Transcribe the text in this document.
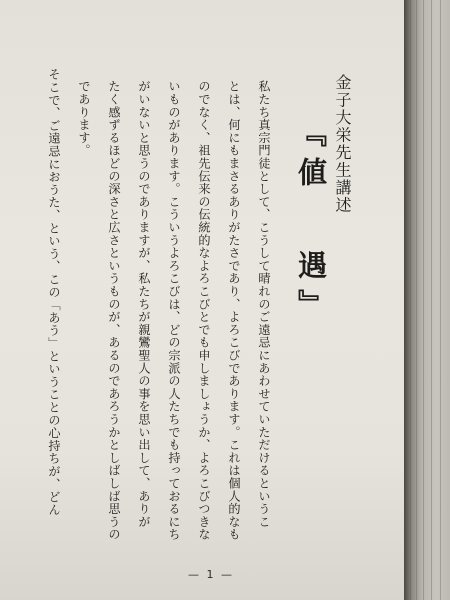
金子大栄先生講述
『値
遇』
私たち真宗門徒として、こうして晴れのご遠忌にあわせていただけるというこ
とは、何にもまさるありがたさであり、よろこびであります。これは個人的なも
のでなく、祖先伝来の伝統的なよろこびとでも申しましょうか、よろこびつきな
いものがあります。こういうよろこびは、どの宗派の人たちでも持っておるにち
がいないと思うのでありますが、私たちが親鸞聖人の事を思い出して、ありが
たく感ずるほどの深さと広さというものが、あるのであろうかとしばしば思うの
であります。
そこで、ご遠忌におうた、という、この「あう」ということの心持ちが、どん
— 1 —
